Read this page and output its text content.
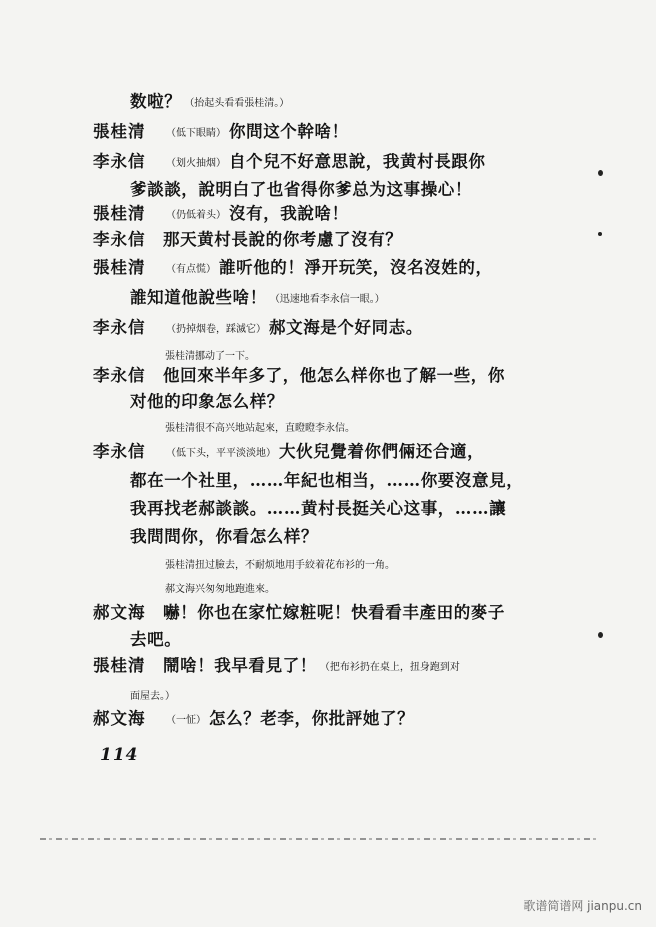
数啦？ （抬起头看看張桂清。）
張桂清 （低下眼睛） 你問这个幹啥！
李永信 （划火抽烟） 自个兒不好意思說，我黄村長跟你
爹談談，說明白了也省得你爹总为这事操心！
張桂清 （仍低着头） 沒有，我說啥！
李永信 那天黄村長說的你考慮了沒有？
張桂清 （有点慌） 誰听他的！淨开玩笑，沒名沒姓的，
誰知道他說些啥！ （迅速地看李永信一眼。）
李永信 （扔掉烟卷，踩滅它） 郝文海是个好同志。
張桂清挪动了一下。
李永信 他回來半年多了，他怎么样你也了解一些，你
对他的印象怎么样？
張桂清很不高兴地站起來，直瞪瞪李永信。
李永信 （低下头，平平淡淡地） 大伙兒覺着你們倆还合適，
都在一个社里，……年紀也相当，……你要沒意見，
我再找老郝談談。……黄村長挺关心这事，……讓
我問問你，你看怎么样？
張桂清扭过臉去，不耐烦地用手絞着花布衫的一角。
郝文海兴匆匆地跑進來。
郝文海 嚇！你也在家忙嫁粧呢！快看看丰產田的麥子
去吧。
張桂清 鬧啥！我早看見了！ （把布衫扔在桌上，扭身跑到对
面屋去。）
郝文海 （一怔） 怎么？老李，你批評她了？
114
歌谱简谱网 jianpu.cn
